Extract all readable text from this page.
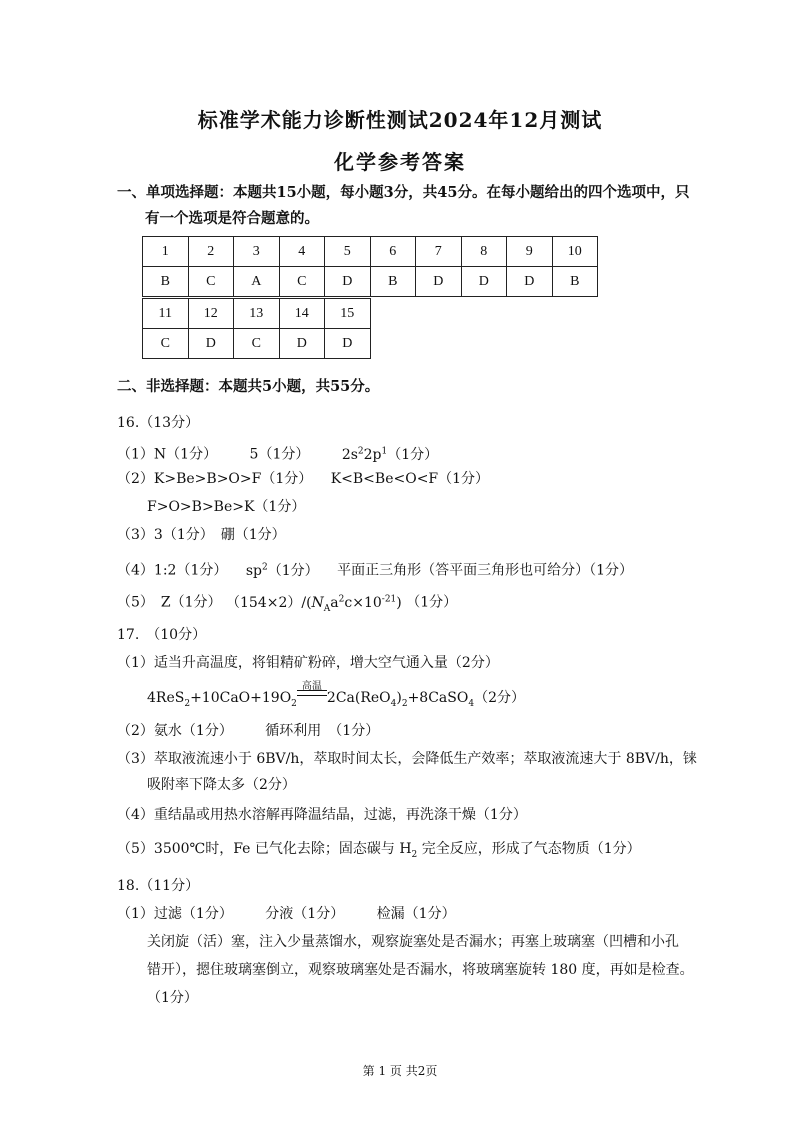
标准学术能力诊断性测试2024年12月测试
化学参考答案
一、单项选择题：本题共15小题，每小题3分，共45分。在每小题给出的四个选项中，只
有一个选项是符合题意的。
1	2	3	4	5	6	7	8	9	10
B	C	A	C	D	B	D	D	D	B
11	12	13	14	15
C	D	C	D	D
二、非选择题：本题共5小题，共55分。
16.（13分）
（1）N（1分） 5（1分） $2s^22p^1(1$分）
（2）K>Be>B>O>F（1分） K<B<Be<O<F（1分）
F>O>B>Be>K（1分）
（3）3（1分）　硼（1分）
（4）1:2（1分） $sp^2(1$分） 平面正三角形（答平面三角形也可给分）（1分）
（5）　Z（1分） $(154\times 2)/(N_Aa^2c\times 10^{-21})$ （1分）
17.　（10分）
（1）适当升高温度，将钼精矿粉碎，增大空气通入量（2分）
$4ReS_2+10CaO+19O_2$
高温
$2Ca(ReO_4)_2+8CaSO_4(2$分）
（2）氨水（1分） 循环利用　（1分）
（3）萃取液流速小于 6BV/h，萃取时间太长，会降低生产效率；萃取液流速大于 8BV/h，铼
吸附率下降太多（2分）
（4）重结晶或用热水溶解再降温结晶，过滤，再洗涤干燥（1分）
（5）3500℃时，Fe 已气化去除；固态碳与 $H_2$ 完全反应，形成了气态物质（1分）
18.（11分）
（1）过滤（1分） 分液（1分） 检漏（1分）
关闭旋（活）塞，注入少量蒸馏水，观察旋塞处是否漏水；再塞上玻璃塞（凹槽和小孔
错开），摁住玻璃塞倒立，观察玻璃塞处是否漏水，将玻璃塞旋转 180 度，再如是检查。
（1分）
第 1 页 共2页
